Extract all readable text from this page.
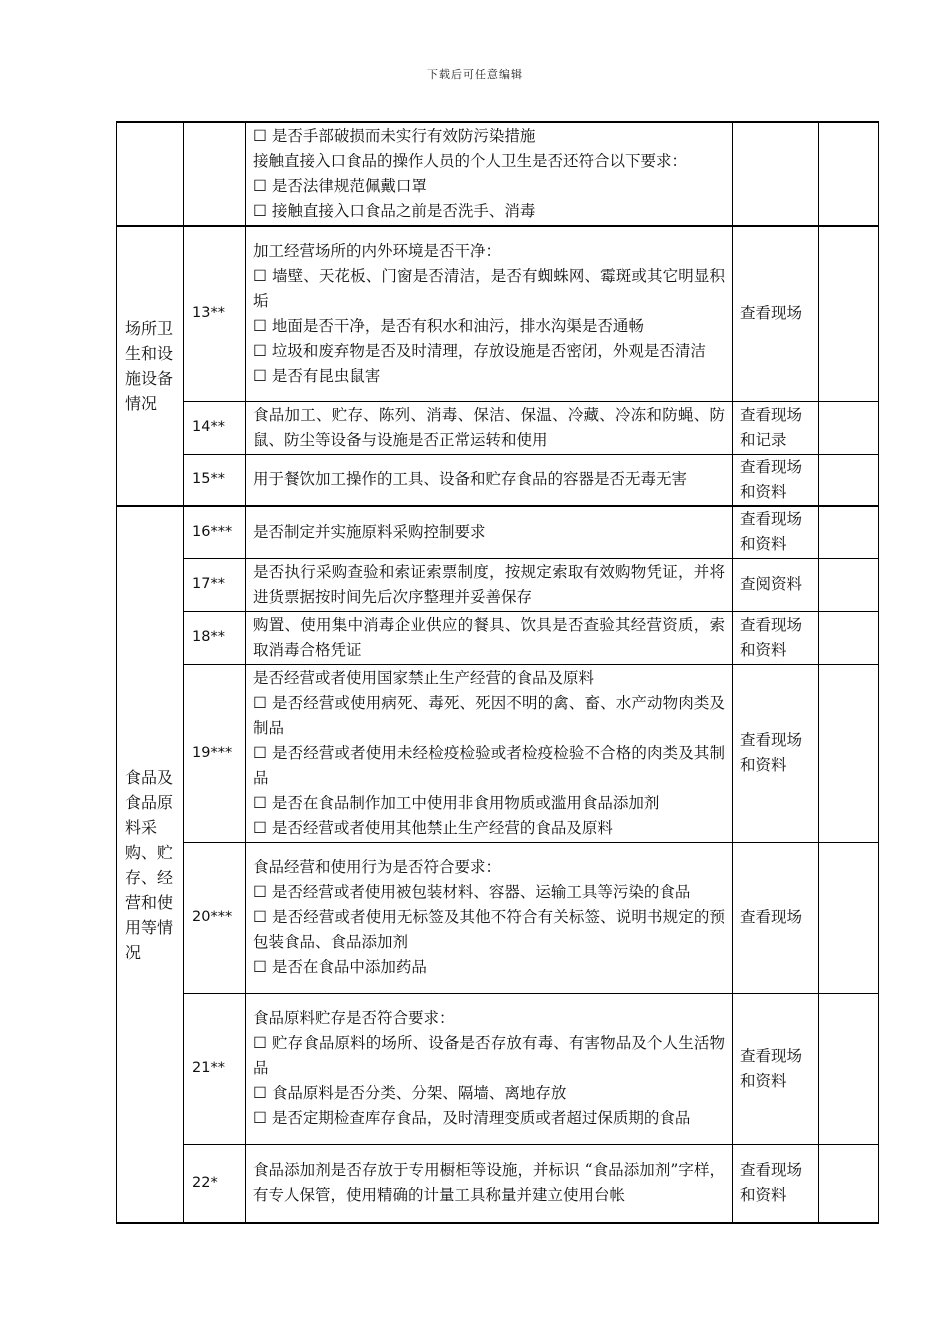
下载后可任意编辑

		☐ 是否手部破损而未实行有效防污染措施

接触直接入口食品的操作人员的个人卫生是否还符合以下要求：

☐ 是否法律规范佩戴口罩

☐ 接触直接入口食品之前是否洗手、消毒		

场所卫生和设施设备情况	13**	加工经营场所的内外环境是否干净：

☐ 墙壁、天花板、门窗是否清洁，是否有蜘蛛网、霉斑或其它明显积垢

☐ 地面是否干净，是否有积水和油污，排水沟渠是否通畅

☐ 垃圾和废弃物是否及时清理，存放设施是否密闭，外观是否清洁

☐ 是否有昆虫鼠害	查看现场	
	14**	食品加工、贮存、陈列、消毒、保洁、保温、冷藏、冷冻和防蝇、防鼠、防尘等设备与设施是否正常运转和使用	查看现场和记录	
	15**	用于餐饮加工操作的工具、设备和贮存食品的容器是否无毒无害	查看现场和资料	
食品及食品原料采购、贮存、经营和使用等情况	16***	是否制定并实施原料采购控制要求	查看现场和资料	
	17**	是否执行采购查验和索证索票制度，按规定索取有效购物凭证，并将进货票据按时间先后次序整理并妥善保存	查阅资料	
	18**	购置、使用集中消毒企业供应的餐具、饮具是否查验其经营资质，索取消毒合格凭证	查看现场和资料	
	19***	是否经营或者使用国家禁止生产经营的食品及原料

☐ 是否经营或使用病死、毒死、死因不明的禽、畜、水产动物肉类及制品

☐ 是否经营或者使用未经检疫检验或者检疫检验不合格的肉类及其制品

☐ 是否在食品制作加工中使用非食用物质或滥用食品添加剂

☐ 是否经营或者使用其他禁止生产经营的食品及原料	查看现场和资料	
	20***	食品经营和使用行为是否符合要求：

☐ 是否经营或者使用被包装材料、容器、运输工具等污染的食品

☐ 是否经营或者使用无标签及其他不符合有关标签、说明书规定的预包装食品、食品添加剂

☐ 是否在食品中添加药品	查看现场	
	21**	食品原料贮存是否符合要求：

☐ 贮存食品原料的场所、设备是否存放有毒、有害物品及个人生活物品

☐ 食品原料是否分类、分架、隔墙、离地存放

☐ 是否定期检查库存食品，及时清理变质或者超过保质期的食品	查看现场和资料	
	22*	食品添加剂是否存放于专用橱柜等设施，并标识 “食品添加剂”字样，有专人保管，使用精确的计量工具称量并建立使用台帐	查看现场和资料	
